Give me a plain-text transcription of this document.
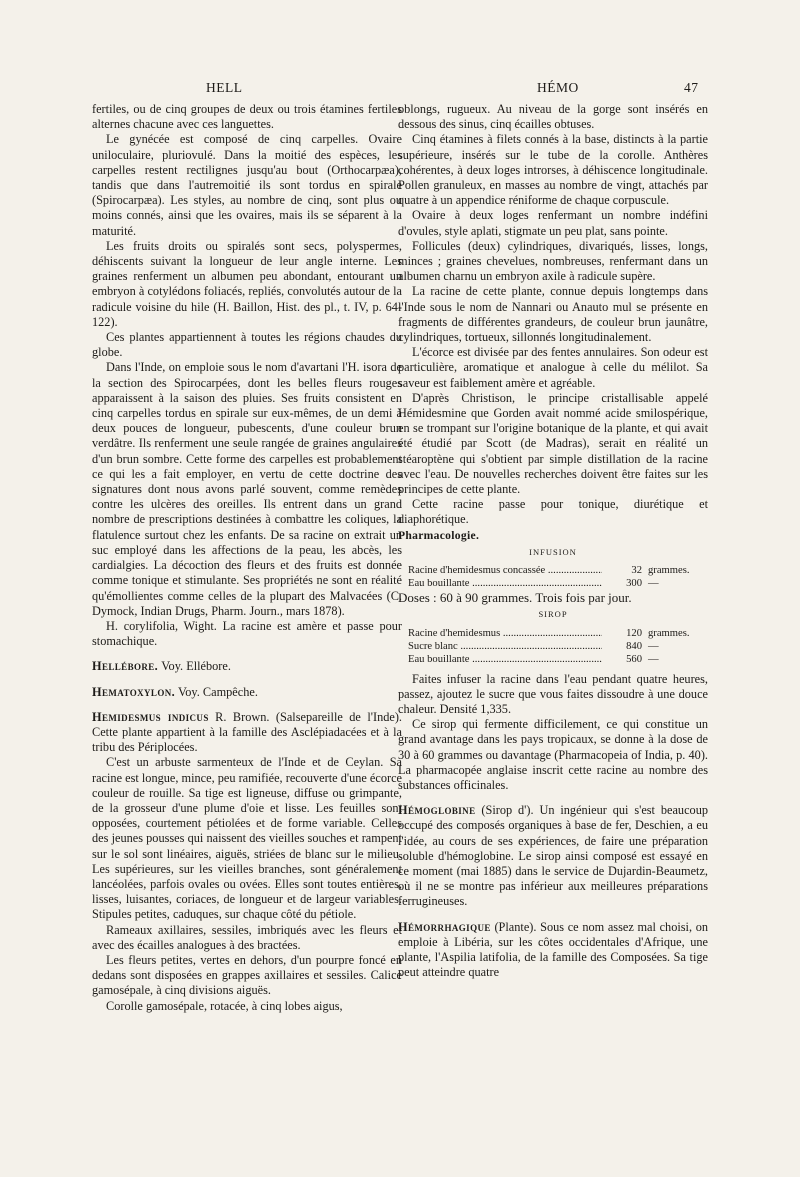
HELL	HÉMO	47

fertiles, ou de cinq groupes de deux ou trois étamines fertiles alternes chacune avec ces languettes.

Le gynécée est composé de cinq carpelles. Ovaire uniloculaire, pluriovulé. Dans la moitié des espèces, les carpelles restent rectilignes jusqu'au bout (Orthocarpæa), tandis que dans l'autremoitié ils sont tordus en spirale (Spirocarpæa). Les styles, au nombre de cinq, sont plus ou moins connés, ainsi que les ovaires, mais ils se séparent à la maturité.

Les fruits droits ou spiralés sont secs, polyspermes, déhiscents suivant la longueur de leur angle interne. Les graines renferment un albumen peu abondant, entourant un embryon à cotylédons foliacés, repliés, convolutés autour de la radicule voisine du hile (H. Baillon, Hist. des pl., t. IV, p. 64-122).

Ces plantes appartiennent à toutes les régions chaudes du globe.

Dans l'Inde, on emploie sous le nom d'avartani l'H. isora de la section des Spirocarpées, dont les belles fleurs rouges apparaissent à la saison des pluies. Ses fruits consistent en cinq carpelles tordus en spirale sur eux-mêmes, de un demi à deux pouces de longueur, pubescents, d'une couleur brun verdâtre. Ils renferment une seule rangée de graines angulaires d'un brun sombre. Cette forme des carpelles est probablement ce qui les a fait employer, en vertu de cette doctrine des signatures dont nous avons parlé souvent, comme remèdes contre les ulcères des oreilles. Ils entrent dans un grand nombre de prescriptions destinées à combattre les coliques, la flatulence surtout chez les enfants. De sa racine on extrait un suc employé dans les affections de la peau, les abcès, les cardialgies. La décoction des fleurs et des fruits est donnée comme tonique et stimulante. Ses propriétés ne sont en réalité qu'émollientes comme celles de la plupart des Malvacées (C. Dymock, Indian Drugs, Pharm. Journ., mars 1878).

H. corylifolia, Wight. La racine est amère et passe pour stomachique.

Helléborе. Voy. Ellébore.

Hematoxylon. Voy. Campêche.

Hemidesmus indicus R. Brown. (Salsepareille de l'Inde). Cette plante appartient à la famille des Asclépiadacées et à la tribu des Périplocées.

C'est un arbuste sarmenteux de l'Inde et de Ceylan. Sa racine est longue, mince, peu ramifiée, recouverte d'une écorce couleur de rouille. Sa tige est ligneuse, diffuse ou grimpante, de la grosseur d'une plume d'oie et lisse. Les feuilles sont opposées, courtement pétiolées et de forme variable. Celles des jeunes pousses qui naissent des vieilles souches et rampent sur le sol sont linéaires, aiguës, striées de blanc sur le milieu. Les supérieures, sur les vieilles branches, sont généralement lancéolées, parfois ovales ou ovées. Elles sont toutes entières, lisses, luisantes, coriaces, de longueur et de largeur variables. Stipules petites, caduques, sur chaque côté du pétiole.

Rameaux axillaires, sessiles, imbriqués avec les fleurs et avec des écailles analogues à des bractées.

Les fleurs petites, vertes en dehors, d'un pourpre foncé en dedans sont disposées en grappes axillaires et sessiles. Calice gamosépale, à cinq divisions aiguës.

Corolle gamosépale, rotacée, à cinq lobes aigus,

oblongs, rugueux. Au niveau de la gorge sont insérés en dessous des sinus, cinq écailles obtuses.

Cinq étamines à filets connés à la base, distincts à la partie supérieure, insérés sur le tube de la corolle. Anthères cohérentes, à deux loges introrses, à déhiscence longitudinale. Pollen granuleux, en masses au nombre de vingt, attachés par quatre à un appendice réniforme de chaque corpuscule.

Ovaire à deux loges renfermant un nombre indéfini d'ovules, style aplati, stigmate un peu plat, sans pointe.

Follicules (deux) cylindriques, divariqués, lisses, longs, minces ; graines chevelues, nombreuses, renfermant dans un albumen charnu un embryon axile à radicule supère.

La racine de cette plante, connue depuis longtemps dans l'Inde sous le nom de Nannari ou Anauto mul se présente en fragments de différentes grandeurs, de couleur brun jaunâtre, cylindriques, tortueux, sillonnés longitudinalement.

L'écorce est divisée par des fentes annulaires. Son odeur est particulière, aromatique et analogue à celle du mélilot. Sa saveur est faiblement amère et agréable.

D'après Christison, le principe cristallisable appelé Hémidesmine que Gorden avait nommé acide smilospérique, en se trompant sur l'origine botanique de la plante, et qui avait été étudié par Scott (de Madras), serait en réalité un stéaroptène qui s'obtient par simple distillation de la racine avec l'eau. De nouvelles recherches doivent être faites sur les principes de cette plante.

Cette racine passe pour tonique, diurétique et diaphorétique.

Pharmacologie.

INFUSION
Racine d'hemidesmus concassée .....	32 grammes.
Eau bouillante .....	300 —

Doses : 60 à 90 grammes. Trois fois par jour.

SIROP
Racine d'hemidesmus .....	120 grammes.
Sucre blanc .....	840 —
Eau bouillante .....	560 —

Faites infuser la racine dans l'eau pendant quatre heures, passez, ajoutez le sucre que vous faites dissoudre à une douce chaleur. Densité 1,335.

Ce sirop qui fermente difficilement, ce qui constitue un grand avantage dans les pays tropicaux, se donne à la dose de 30 à 60 grammes ou davantage (Pharmacopeia of India, p. 40). La pharmacopée anglaise inscrit cette racine au nombre des substances officinales.

Hémoglobine (Sirop d'). Un ingénieur qui s'est beaucoup occupé des composés organiques à base de fer, Deschien, a eu l'idée, au cours de ses expériences, de faire une préparation soluble d'hémoglobine. Le sirop ainsi composé est essayé en ce moment (mai 1885) dans le service de Dujardin-Beaumetz, où il ne se montre pas inférieur aux meilleures préparations ferrugineuses.

Hémorrhagique (Plante). Sous ce nom assez mal choisi, on emploie à Libéria, sur les côtes occidentales d'Afrique, une plante, l'Aspilia latifolia, de la famille des Composées. Sa tige peut atteindre quatre
